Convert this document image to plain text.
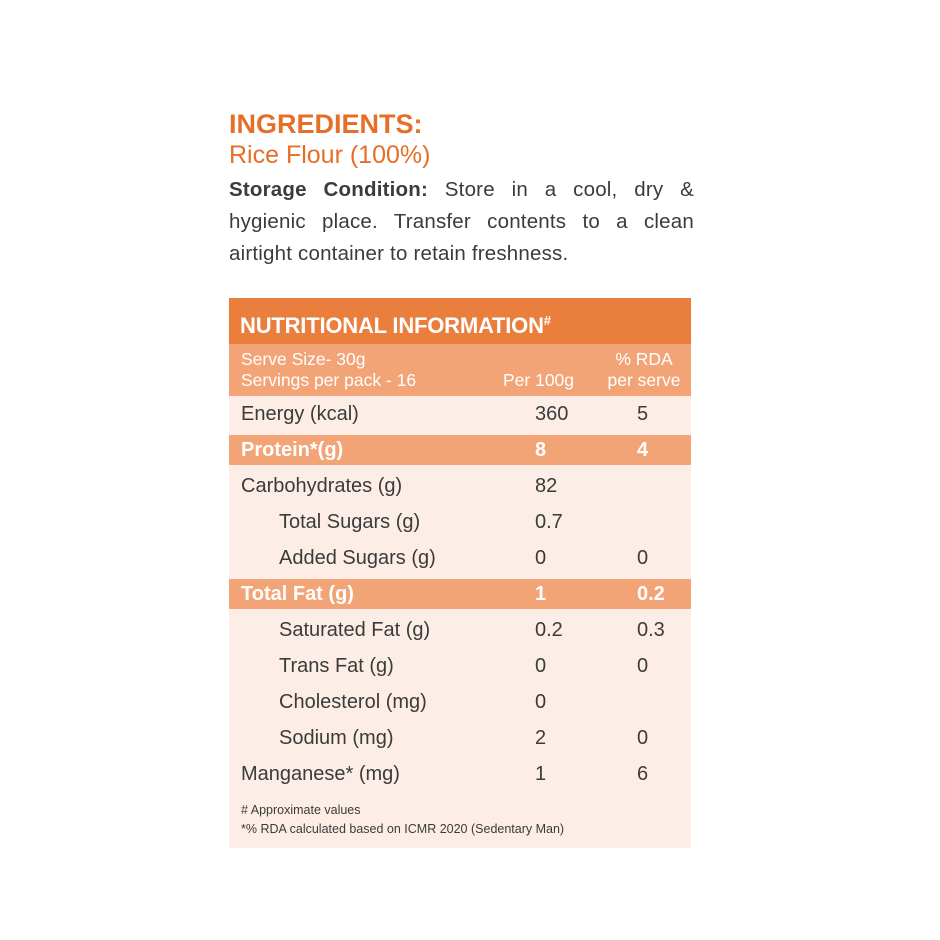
INGREDIENTS:
Rice Flour (100%)
Storage Condition: Store in a cool, dry & hygienic place. Transfer contents to a clean airtight container to retain freshness.
NUTRITIONAL INFORMATION#
Serve Size- 30g
Servings per pack - 16	Per 100g
% RDA
per serve
Energy (kcal)	360	5
Protein*(g)	8	4
Carbohydrates (g)	82
Total Sugars (g)	0.7
Added Sugars (g)	0	0
Total Fat (g)	1	0.2
Saturated Fat (g)	0.2	0.3
Trans Fat (g)	0	0
Cholesterol (mg)	0
Sodium (mg)	2	0
Manganese* (mg)	1	6
# Approximate values
*% RDA calculated based on ICMR 2020 (Sedentary Man)
